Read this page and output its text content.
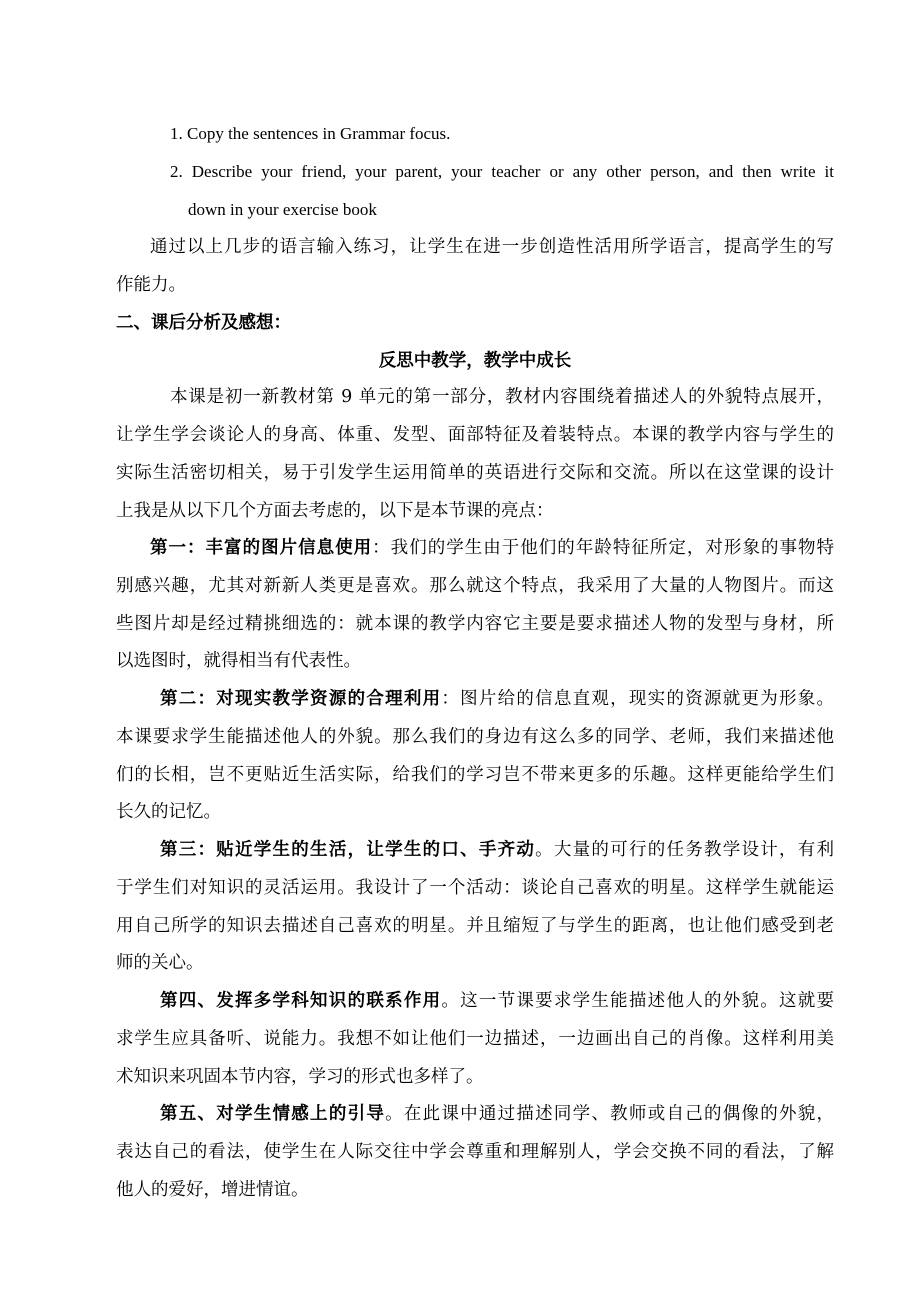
1. Copy the sentences in Grammar focus.
2. Describe your friend, your parent, your teacher or any other person, and then write it
down in your exercise book
通过以上几步的语言输入练习，让学生在进一步创造性活用所学语言，提高学生的写
作能力。
二、课后分析及感想：
反思中教学，教学中成长
本课是初一新教材第 9 单元的第一部分，教材内容围绕着描述人的外貌特点展开，
让学生学会谈论人的身高、体重、发型、面部特征及着装特点。本课的教学内容与学生的
实际生活密切相关，易于引发学生运用简单的英语进行交际和交流。所以在这堂课的设计
上我是从以下几个方面去考虑的，以下是本节课的亮点：
第一：丰富的图片信息使用：我们的学生由于他们的年龄特征所定，对形象的事物特
别感兴趣，尤其对新新人类更是喜欢。那么就这个特点，我采用了大量的人物图片。而这
些图片却是经过精挑细选的：就本课的教学内容它主要是要求描述人物的发型与身材，所
以选图时，就得相当有代表性。
第二：对现实教学资源的合理利用：图片给的信息直观，现实的资源就更为形象。
本课要求学生能描述他人的外貌。那么我们的身边有这么多的同学、老师，我们来描述他
们的长相，岂不更贴近生活实际，给我们的学习岂不带来更多的乐趣。这样更能给学生们
长久的记忆。
第三：贴近学生的生活，让学生的口、手齐动。大量的可行的任务教学设计，有利
于学生们对知识的灵活运用。我设计了一个活动：谈论自己喜欢的明星。这样学生就能运
用自己所学的知识去描述自己喜欢的明星。并且缩短了与学生的距离，也让他们感受到老
师的关心。
第四、发挥多学科知识的联系作用。这一节课要求学生能描述他人的外貌。这就要
求学生应具备听、说能力。我想不如让他们一边描述，一边画出自己的肖像。这样利用美
术知识来巩固本节内容，学习的形式也多样了。
第五、对学生情感上的引导。在此课中通过描述同学、教师或自己的偶像的外貌，
表达自己的看法，使学生在人际交往中学会尊重和理解别人，学会交换不同的看法，了解
他人的爱好，增进情谊。
